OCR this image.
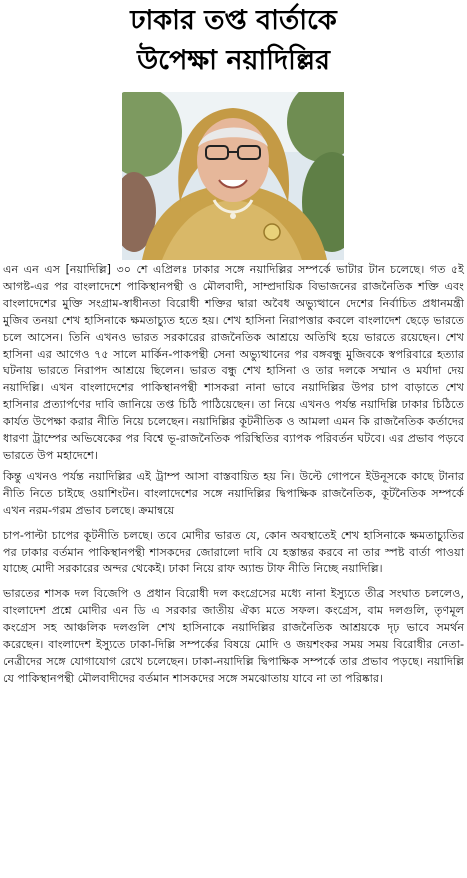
ঢাকার তপ্ত বার্তাকে
উপেক্ষা নয়াদিল্লির

এন এন এস [নয়াদিল্লি] ৩০ শে এপ্রিলঃ ঢাকার সঙ্গে নয়াদিল্লির সম্পর্কে ভাটার টান চলেছে। গত ৫ই আগষ্ট-এর পর বাংলাদেশে পাকিস্থানপন্থী ও মৌলবাদী, সাম্প্রদায়িক বিভাজনের রাজনৈতিক শক্তি এবং বাংলাদেশের মুক্তি সংগ্রাম-স্বাধীনতা বিরোধী শক্তির দ্বারা অবৈধ অভ্যুত্থানে দেশের নির্বাচিত প্রধানমন্ত্রী মুজিব তনয়া শেখ হাসিনাকে ক্ষমতাচ্যুত হতে হয়। শেখ হাসিনা নিরাপত্তার কবলে বাংলাদেশ ছেড়ে ভারতে চলে আসেন। তিনি এখনও ভারত সরকারের রাজনৈতিক আশ্রয়ে অতিথি হয়ে ভারতে রয়েছেন। শেখ হাসিনা এর আগেও ৭৫ সালে মার্কিন-পাকপন্থী সেনা অভ্যুত্থানের পর বঙ্গবন্ধু মুজিবকে স্বপরিবারে হত্যার ঘটনায় ভারতে নিরাপদ আশ্রয়ে ছিলেন। ভারত বন্ধু শেখ হাসিনা ও তার দলকে সম্মান ও মর্যাদা দেয় নয়াদিল্লি। এখন বাংলাদেশের পাকিস্থানপন্থী শাসকরা নানা ভাবে নয়াদিল্লির উপর চাপ বাড়াতে শেখ হাসিনার প্রত্যার্পণের দাবি জানিয়ে তপ্ত চিঠি পাঠিয়েছেন। তা নিয়ে এখনও পর্যন্ত নয়াদিল্লি ঢাকার চিঠিতে কার্যত উপেক্ষা করার নীতি নিয়ে চলেছেন। নয়াদিল্লির কূটনীতিক ও আমলা এমন কি রাজনৈতিক কর্তাদের ধারণা ট্রাম্পের অভিষেকের পর বিশ্বে ভূ-রাজনৈতিক পরিস্থিতির ব্যাপক পরিবর্তন ঘটবে। এর প্রভাব পড়বে ভারতে উপ মহাদেশে।

কিন্তু এখনও পর্যন্ত নয়াদিল্লির এই ট্রাম্প আসা বাস্তবায়িত হয় নি। উল্টে গোপনে ইউনূসকে কাছে টানার নীতি নিতে চাইছে ওয়াশিংটন। বাংলাদেশের সঙ্গে নয়াদিল্লির দ্বিপাক্ষিক রাজনৈতিক, কূটনৈতিক সম্পর্কে এখন নরম-গরম প্রভাব চলছে। ক্রমান্বয়ে

চাপ-পাল্টা চাপের কূটনীতি চলছে। তবে মোদীর ভারত যে, কোন অবস্থাতেই শেখ হাসিনাকে ক্ষমতাচ্যুতির পর ঢাকার বর্তমান পাকিস্থানপন্থী শাসকদের জোরালো দাবি যে হস্তান্তর করবে না তার স্পষ্ট বার্তা পাওয়া যাচ্ছে মোদী সরকারের অন্দর থেকেই। ঢাকা নিয়ে রাফ অ্যান্ড টাফ নীতি নিচ্ছে নয়াদিল্লি।

ভারতের শাসক দল বিজেপি ও প্রধান বিরোধী দল কংগ্রেসের মধ্যে নানা ইস্যুতে তীব্র সংঘাত চললেও, বাংলাদেশ প্রশ্নে মোদীর এন ডি এ সরকার জাতীয় ঐক্য মতে সফল। কংগ্রেস, বাম দলগুলি, তৃণমূল কংগ্রেস সহ আঞ্চলিক দলগুলি শেখ হাসিনাকে নয়াদিল্লির রাজনৈতিক আশ্রয়কে দৃঢ় ভাবে সমর্থন করেছেন। বাংলাদেশ ইস্যুতে ঢাকা-দিল্লি সম্পর্কের বিষয়ে মোদি ও জয়শংকর সময় সময় বিরোধীর নেতা-নেত্রীদের সঙ্গে যোগাযোগ রেখে চলেছেন। ঢাকা-নয়াদিল্লি দ্বিপাক্ষিক সম্পর্কে তার প্রভাব পড়ছে। নয়াদিল্লি যে পাকিস্থানপন্থী মৌলবাদীদের বর্তমান শাসকদের সঙ্গে সমঝোতায় যাবে না তা পরিষ্কার।
